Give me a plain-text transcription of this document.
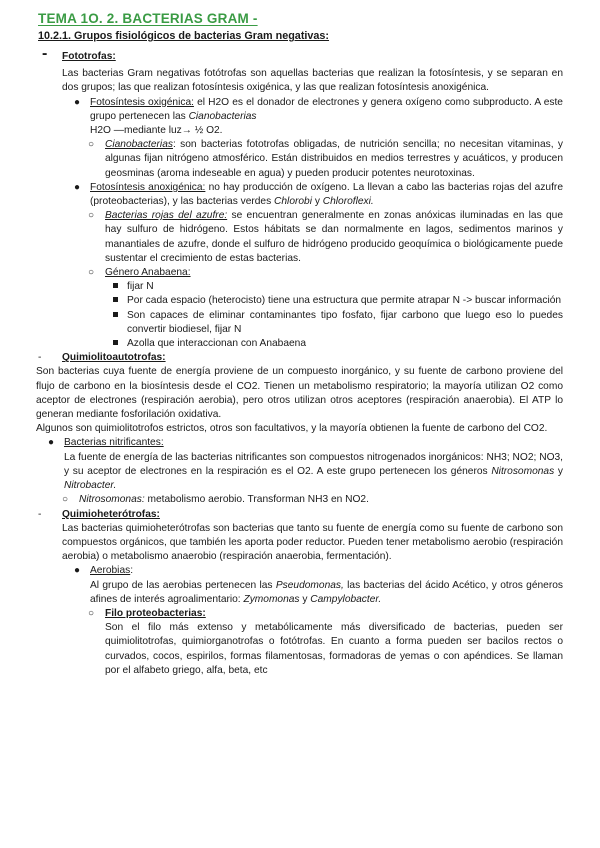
TEMA 1O. 2. BACTERIAS GRAM -
10.2.1. Grupos fisiológicos de bacterias Gram negativas:
- Fototrofas:

Las bacterias Gram negativas fotótrofas son aquellas bacterias que realizan la fotosíntesis, y se separan en dos grupos; las que realizan fotosíntesis oxigénica, y las que realizan fotosíntesis anoxigénica.

● Fotosíntesis oxigénica: el H2O es el donador de electrones y genera oxígeno como subproducto. A este grupo pertenecen las Cianobacterias

H2O ―mediante luz→ ½ O2.

○ Cianobacterias: son bacterias fototrofas obligadas, de nutrición sencilla; no necesitan vitaminas, y algunas fijan nitrógeno atmosférico. Están distribuidos en medios terrestres y acuáticos, y producen geosminas (aroma indeseable en agua) y pueden producir potentes neurotoxinas.

● Fotosíntesis anoxigénica: no hay producción de oxígeno. La llevan a cabo las bacterias rojas del azufre (proteobacterias), y las bacterias verdes Chlorobi y Chloroflexi.

○ Bacterias rojas del azufre: se encuentran generalmente en zonas anóxicas iluminadas en las que hay sulfuro de hidrógeno. Estos hábitats se dan normalmente en lagos, sedimentos marinos y manantiales de azufre, donde el sulfuro de hidrógeno producido geoquímica o biológicamente puede sustentar el crecimiento de estas bacterias.

○ Género Anabaena:

fijar N

Por cada espacio (heterocisto) tiene una estructura que permite atrapar N -> buscar información

Son capaces de eliminar contaminantes tipo fosfato, fijar carbono que luego eso lo puedes convertir biodiesel, fijar N

Azolla que interaccionan con Anabaena

- Quimiolitoautotrofas:

Son bacterias cuya fuente de energía proviene de un compuesto inorgánico, y su fuente de carbono proviene del flujo de carbono en la biosíntesis desde el CO2. Tienen un metabolismo respiratorio; la mayoría utilizan O2 como aceptor de electrones (respiración aerobia), pero otros utilizan otros aceptores (respiración anaerobia). El ATP lo generan mediante fosforilación oxidativa.

Algunos son quimiolitotrofos estrictos, otros son facultativos, y la mayoría obtienen la fuente de carbono del CO2.

● Bacterias nitrificantes:

La fuente de energía de las bacterias nitrificantes son compuestos nitrogenados inorgánicos: NH3; NO2; NO3, y su aceptor de electrones en la respiración es el O2. A este grupo pertenecen los géneros Nitrosomonas y Nitrobacter.

○ Nitrosomonas: metabolismo aerobio. Transforman NH3 en NO2.

- Quimioheterótrofas:

Las bacterias quimioheterótrofas son bacterias que tanto su fuente de energía como su fuente de carbono son compuestos orgánicos, que también les aporta poder reductor. Pueden tener metabolismo aerobio (respiración aerobia) o metabolismo anaerobio (respiración anaerobia, fermentación).

● Aerobias:

Al grupo de las aerobias pertenecen las Pseudomonas, las bacterias del ácido Acético, y otros géneros afines de interés agroalimentario: Zymomonas y Campylobacter.

○ Filo proteobacterias:

Son el filo más extenso y metabólicamente más diversificado de bacterias, pueden ser quimiolitotrofas, quimiorganotrofas o fotótrofas. En cuanto a forma pueden ser bacilos rectos o curvados, cocos, espirilos, formas filamentosas, formadoras de yemas o con apéndices. Se llaman por el alfabeto griego, alfa, beta, etc
